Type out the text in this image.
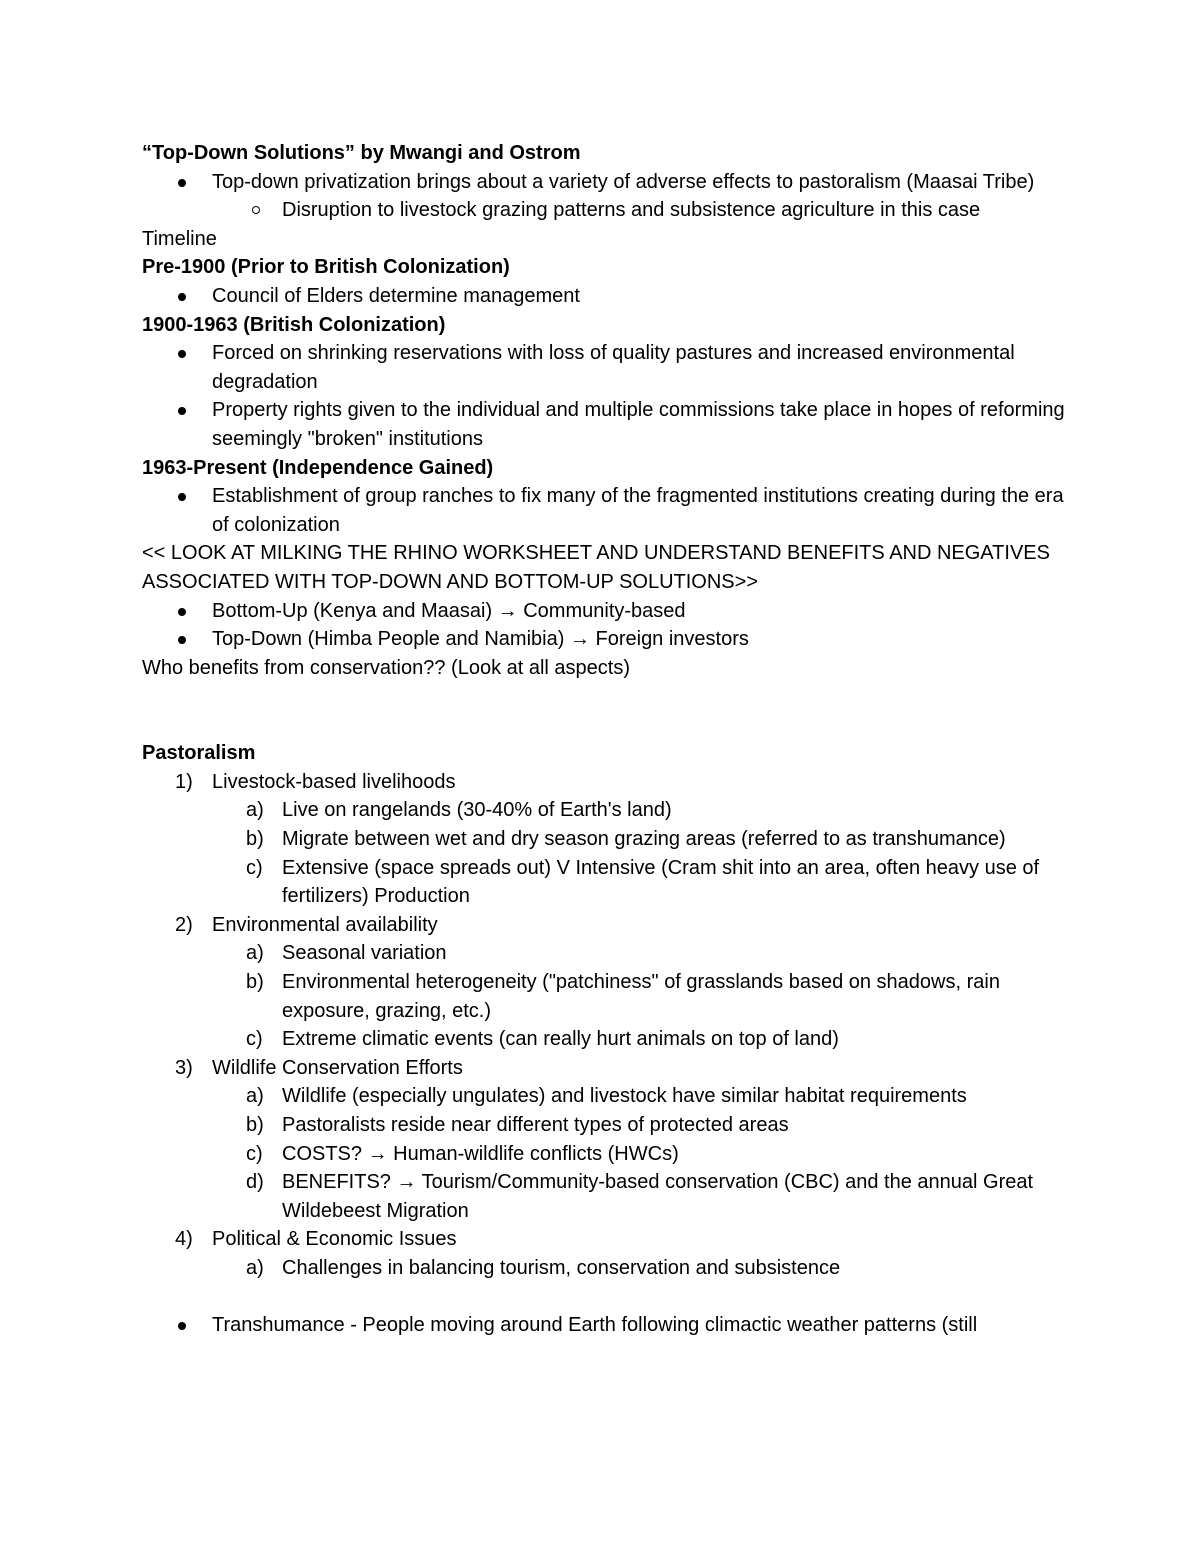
“Top-Down Solutions” by Mwangi and Ostrom
Top-down privatization brings about a variety of adverse effects to pastoralism (Maasai Tribe)
Disruption to livestock grazing patterns and subsistence agriculture in this case
Timeline
Pre-1900 (Prior to British Colonization)
Council of Elders determine management
1900-1963 (British Colonization)
Forced on shrinking reservations with loss of quality pastures and increased environmental degradation
Property rights given to the individual and multiple commissions take place in hopes of reforming seemingly "broken" institutions
1963-Present (Independence Gained)
Establishment of group ranches to fix many of the fragmented institutions creating during the era of colonization
<< LOOK AT MILKING THE RHINO WORKSHEET AND UNDERSTAND BENEFITS AND NEGATIVES ASSOCIATED WITH TOP-DOWN AND BOTTOM-UP SOLUTIONS>>
Bottom-Up (Kenya and Maasai) → Community-based
Top-Down (Himba People and Namibia) → Foreign investors
Who benefits from conservation?? (Look at all aspects)
Pastoralism
1) Livestock-based livelihoods
a) Live on rangelands (30-40% of Earth's land)
b) Migrate between wet and dry season grazing areas (referred to as transhumance)
c) Extensive (space spreads out) V Intensive (Cram shit into an area, often heavy use of fertilizers) Production
2) Environmental availability
a) Seasonal variation
b) Environmental heterogeneity ("patchiness" of grasslands based on shadows, rain exposure, grazing, etc.)
c) Extreme climatic events (can really hurt animals on top of land)
3) Wildlife Conservation Efforts
a) Wildlife (especially ungulates) and livestock have similar habitat requirements
b) Pastoralists reside near different types of protected areas
c) COSTS? → Human-wildlife conflicts (HWCs)
d) BENEFITS? → Tourism/Community-based conservation (CBC) and the annual Great Wildebeest Migration
4) Political & Economic Issues
a) Challenges in balancing tourism, conservation and subsistence
Transhumance - People moving around Earth following climactic weather patterns (still
